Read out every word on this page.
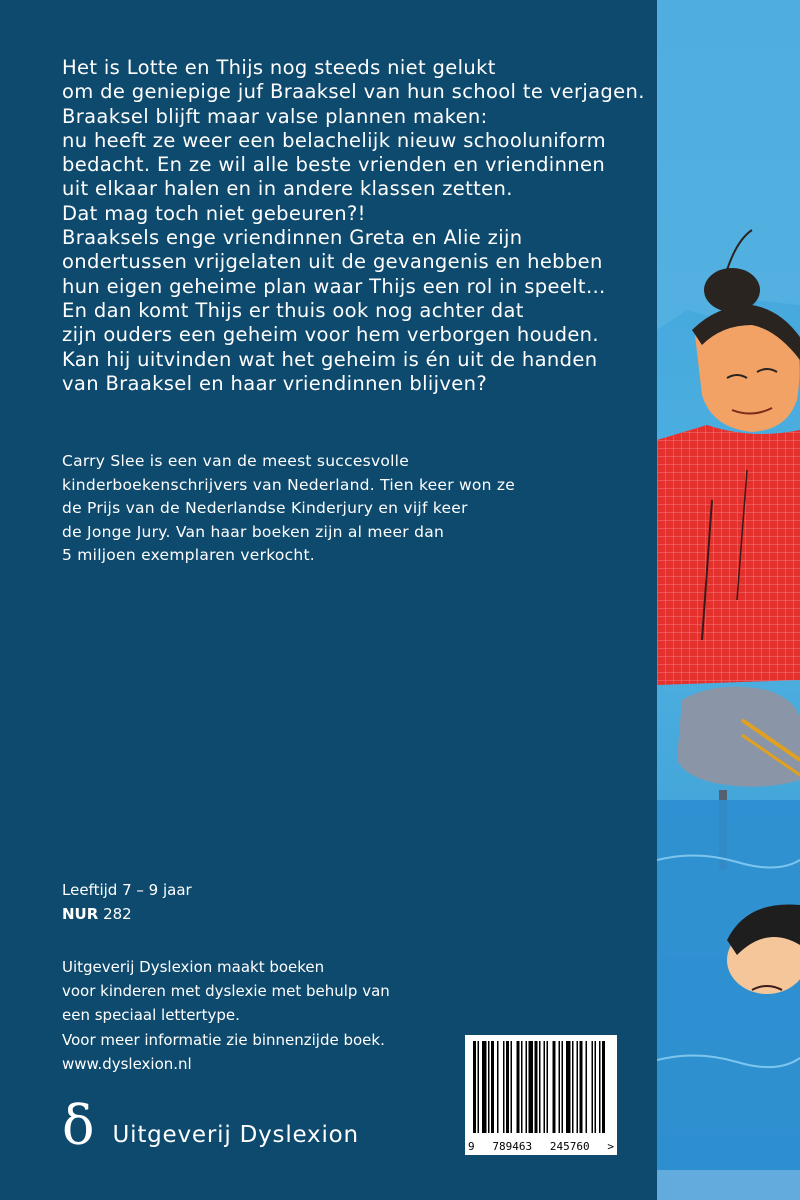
Het is Lotte en Thijs nog steeds niet gelukt
om de geniepige juf Braaksel van hun school te verjagen.
Braaksel blijft maar valse plannen maken:
nu heeft ze weer een belachelijk nieuw schooluniform
bedacht. En ze wil alle beste vrienden en vriendinnen
uit elkaar halen en in andere klassen zetten.
Dat mag toch niet gebeuren?!
Braaksels enge vriendinnen Greta en Alie zijn
ondertussen vrijgelaten uit de gevangenis en hebben
hun eigen geheime plan waar Thijs een rol in speelt…
En dan komt Thijs er thuis ook nog achter dat
zijn ouders een geheim voor hem verborgen houden.
Kan hij uitvinden wat het geheim is én uit de handen
van Braaksel en haar vriendinnen blijven?
Carry Slee is een van de meest succesvolle
kinderboekenschrijvers van Nederland. Tien keer won ze
de Prijs van de Nederlandse Kinderjury en vijf keer
de Jonge Jury. Van haar boeken zijn al meer dan
5 miljoen exemplaren verkocht.
Leeftijd 7 – 9 jaar
NUR 282
Uitgeverij Dyslexion maakt boeken
voor kinderen met dyslexie met behulp van
een speciaal lettertype.
Voor meer informatie zie binnenzijde boek.
www.dyslexion.nl
δ Uitgeverij Dyslexion	9 789463 245760 >
